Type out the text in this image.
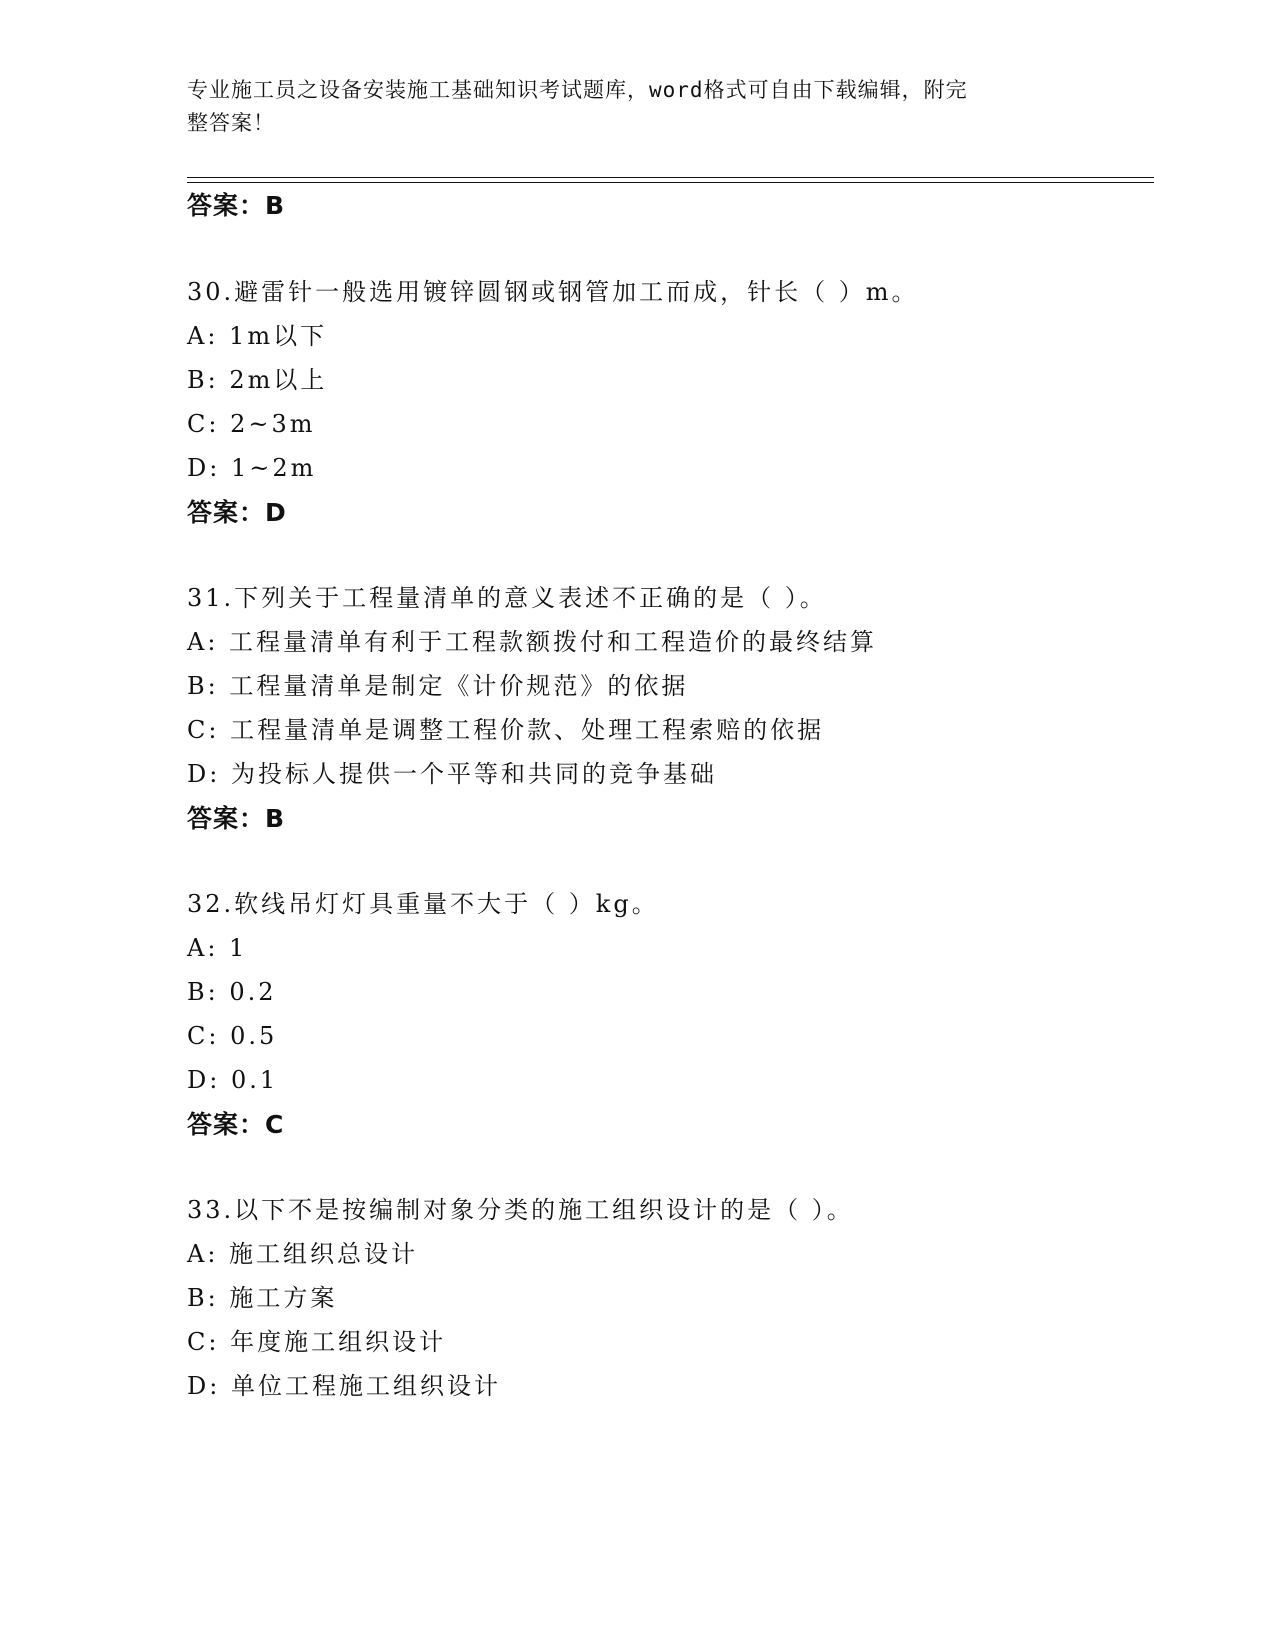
专业施工员之设备安装施工基础知识考试题库，word格式可自由下载编辑，附完
整答案！
答案：B
30.避雷针一般选用镀锌圆钢或钢管加工而成，针长（ ）m。
A: 1m以下
B: 2m以上
C: 2~3m
D: 1~2m
答案：D
31.下列关于工程量清单的意义表述不正确的是（ ）。
A: 工程量清单有利于工程款额拨付和工程造价的最终结算
B: 工程量清单是制定《计价规范》的依据
C: 工程量清单是调整工程价款、处理工程索赔的依据
D: 为投标人提供一个平等和共同的竞争基础
答案：B
32.软线吊灯灯具重量不大于（ ）kg。
A: 1
B: 0.2
C: 0.5
D: 0.1
答案：C
33.以下不是按编制对象分类的施工组织设计的是（ ）。
A: 施工组织总设计
B: 施工方案
C: 年度施工组织设计
D: 单位工程施工组织设计
